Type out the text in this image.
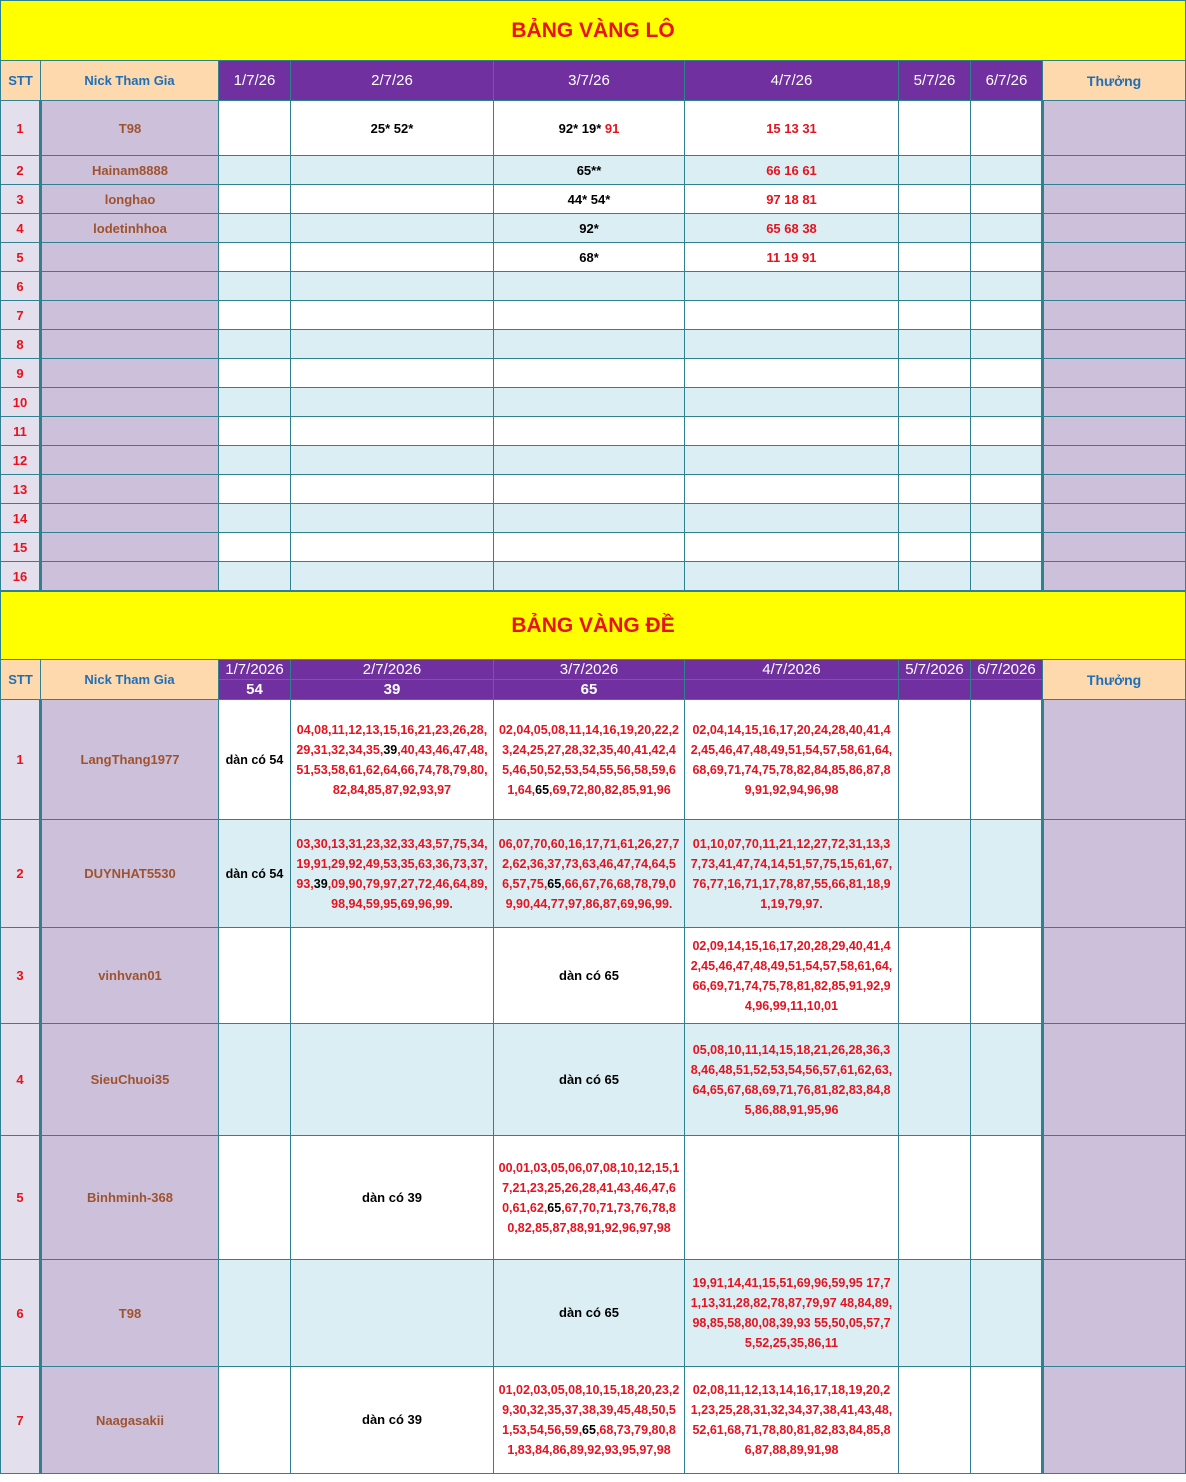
BẢNG VÀNG LÔ								
STT	Nick Tham Gia	1/7/26	2/7/26	3/7/26	4/7/26	5/7/26	6/7/26	Thưởng
1	T98		25* 52*	92* 19* 91	15 13 31			
2	Hainam8888			65**	66 16 61			
3	longhao			44* 54*	97 18 81			
4	lodetinhhoa			92*	65 68 38			
5				68*	11 19 91			
6								
7								
8								
9								
10								
11								
12								
13								
14								
15								
16								
BẢNG VÀNG ĐỀ								
STT	Nick Tham Gia	1/7/2026	2/7/2026	3/7/2026	4/7/2026	5/7/2026	6/7/2026	Thưởng
		54	39	65				
1	LangThang1977	dàn có 54	04,08,11,12,13,15,16,21,23,26,28,29,31,32,34,35,39,40,43,46,47,48,51,53,58,61,62,64,66,74,78,79,80,82,84,85,87,92,93,97	02,04,05,08,11,14,16,19,20,22,23,24,25,27,28,32,35,40,41,42,45,46,50,52,53,54,55,56,58,59,61,64,65,69,72,80,82,85,91,96	02,04,14,15,16,17,20,24,28,40,41,42,45,46,47,48,49,51,54,57,58,61,64,68,69,71,74,75,78,82,84,85,86,87,89,91,92,94,96,98			
2	DUYNHAT5530	dàn có 54	03,30,13,31,23,32,33,43,57,75,34,19,91,29,92,49,53,35,63,36,73,37,93,39,09,90,79,97,27,72,46,64,89,98,94,59,95,69,96,99.	06,07,70,60,16,17,71,61,26,27,72,62,36,37,73,63,46,47,74,64,56,57,75,65,66,67,76,68,78,79,09,90,44,77,97,86,87,69,96,99.	01,10,07,70,11,21,12,27,72,31,13,37,73,41,47,74,14,51,57,75,15,61,67,76,77,16,71,17,78,87,55,66,81,18,91,19,79,97.			
3	vinhvan01			dàn có 65	02,09,14,15,16,17,20,28,29,40,41,42,45,46,47,48,49,51,54,57,58,61,64,66,69,71,74,75,78,81,82,85,91,92,94,96,99,11,10,01			
4	SieuChuoi35			dàn có 65	05,08,10,11,14,15,18,21,26,28,36,38,46,48,51,52,53,54,56,57,61,62,63,64,65,67,68,69,71,76,81,82,83,84,85,86,88,91,95,96			
5	Binhminh-368		dàn có 39	00,01,03,05,06,07,08,10,12,15,17,21,23,25,26,28,41,43,46,47,60,61,62,65,67,70,71,73,76,78,80,82,85,87,88,91,92,96,97,98				
6	T98			dàn có 65	19,91,14,41,15,51,69,96,59,95 17,71,13,31,28,82,78,87,79,97 48,84,89,98,85,58,80,08,39,93 55,50,05,57,75,52,25,35,86,11			
7	Naagasakii		dàn có 39	01,02,03,05,08,10,15,18,20,23,29,30,32,35,37,38,39,45,48,50,51,53,54,56,59,65,68,73,79,80,81,83,84,86,89,92,93,95,97,98	02,08,11,12,13,14,16,17,18,19,20,21,23,25,28,31,32,34,37,38,41,43,48,52,61,68,71,78,80,81,82,83,84,85,86,87,88,89,91,98			
